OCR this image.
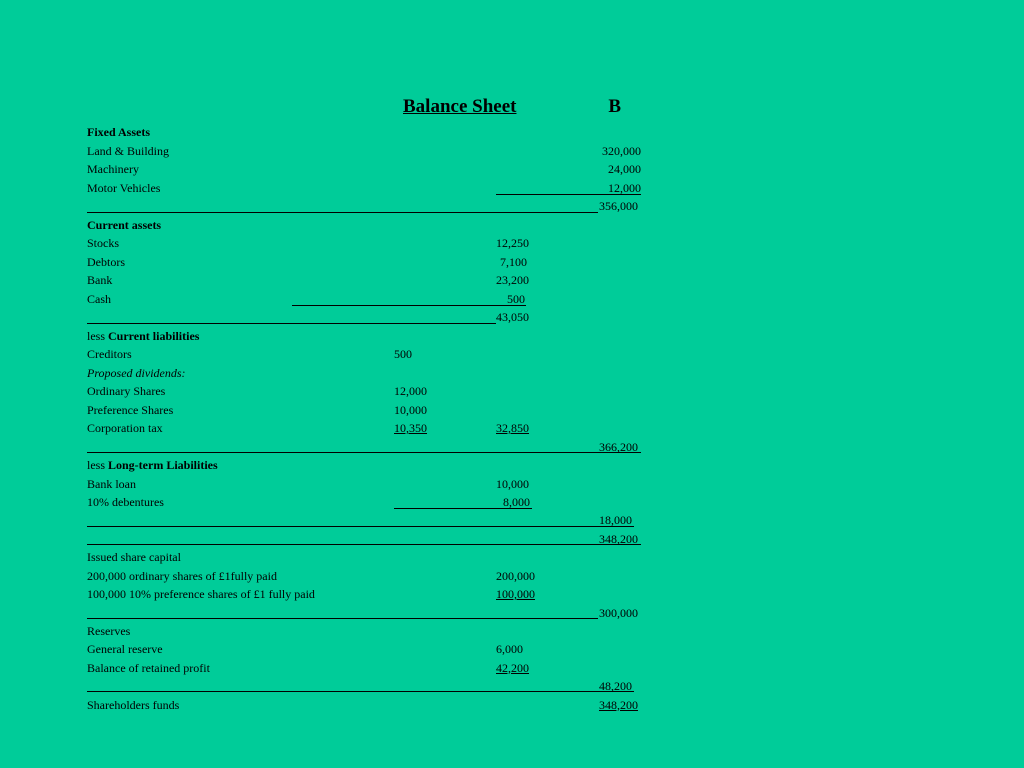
Balance Sheet	B
Fixed Assets
Land & Building	320,000
Machinery	24,000
Motor Vehicles	12,000
356,000
Current assets
Stocks	12,250
Debtors	7,100
Bank	23,200
Cash	500
43,050
less Current liabilities
Creditors	500
Proposed dividends:
Ordinary Shares	12,000
Preference Shares	10,000
Corporation tax	10,350	32,850
366,200
less Long-term Liabilities
Bank loan	10,000
10% debentures	8,000
18,000
348,200
Issued share capital
200,000 ordinary shares of £1fully paid	200,000
100,000 10% preference shares of £1 fully paid	100,000
300,000
Reserves
General reserve	6,000
Balance of retained profit	42,200
48,200
Shareholders funds	348,200
